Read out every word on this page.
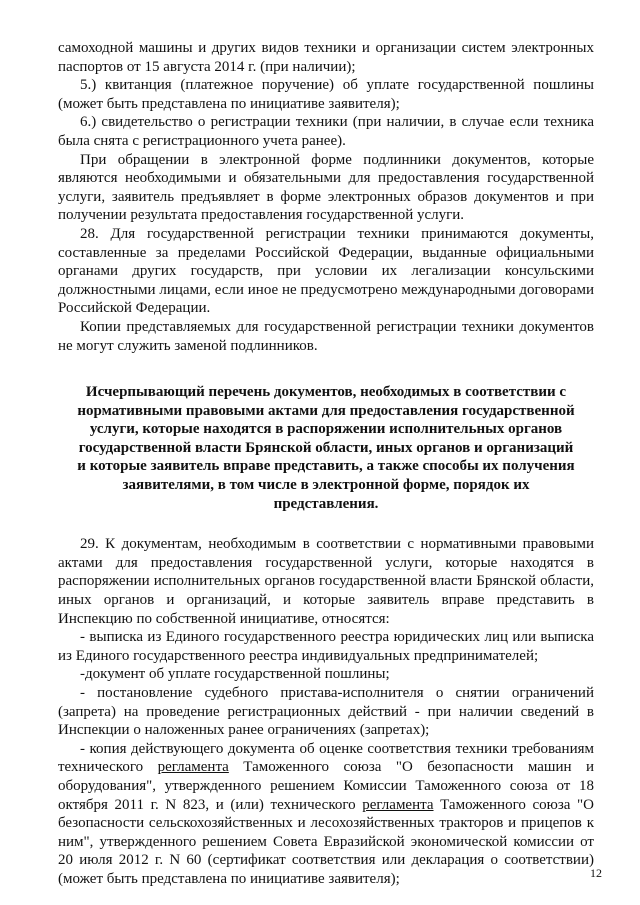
самоходной машины и других видов техники и организации систем электронных паспортов от 15 августа 2014 г. (при наличии);

5.) квитанция (платежное поручение) об уплате государственной пошлины (может быть представлена по инициативе заявителя);

6.) свидетельство о регистрации техники (при наличии, в случае если техника была снята с регистрационного учета ранее).

При обращении в электронной форме подлинники документов, которые являются необходимыми и обязательными для предоставления государственной услуги, заявитель предъявляет в форме электронных образов документов и при получении результата предоставления государственной услуги.

28. Для государственной регистрации техники принимаются документы, составленные за пределами Российской Федерации, выданные официальными органами других государств, при условии их легализации консульскими должностными лицами, если иное не предусмотрено международными договорами Российской Федерации.

Копии представляемых для государственной регистрации техники документов не могут служить заменой подлинников.

Исчерпывающий перечень документов, необходимых в соответствии с
нормативными правовыми актами для предоставления государственной
услуги, которые находятся в распоряжении исполнительных органов
государственной власти Брянской области, иных органов и организаций
и которые заявитель вправе представить, а также способы их получения
заявителями, в том числе в электронной форме, порядок их
представления.

29. К документам, необходимым в соответствии с нормативными правовыми актами для предоставления государственной услуги, которые находятся в распоряжении исполнительных органов государственной власти Брянской области, иных органов и организаций, и которые заявитель вправе представить в Инспекцию по собственной инициативе, относятся:

- выписка из Единого государственного реестра юридических лиц или выписка из Единого государственного реестра индивидуальных предпринимателей;

-документ об уплате государственной пошлины;

- постановление судебного пристава-исполнителя о снятии ограничений (запрета) на проведение регистрационных действий - при наличии сведений в Инспекции о наложенных ранее ограничениях (запретах);

- копия действующего документа об оценке соответствия техники требованиям технического регламента Таможенного союза "О безопасности машин и оборудования", утвержденного решением Комиссии Таможенного союза от 18 октября 2011 г. N 823, и (или) технического регламента Таможенного союза "О безопасности сельскохозяйственных и лесохозяйственных тракторов и прицепов к ним", утвержденного решением Совета Евразийской экономической комиссии от 20 июля 2012 г. N 60 (сертификат соответствия или декларация о соответствии)(может быть представлена по инициативе заявителя);	12
